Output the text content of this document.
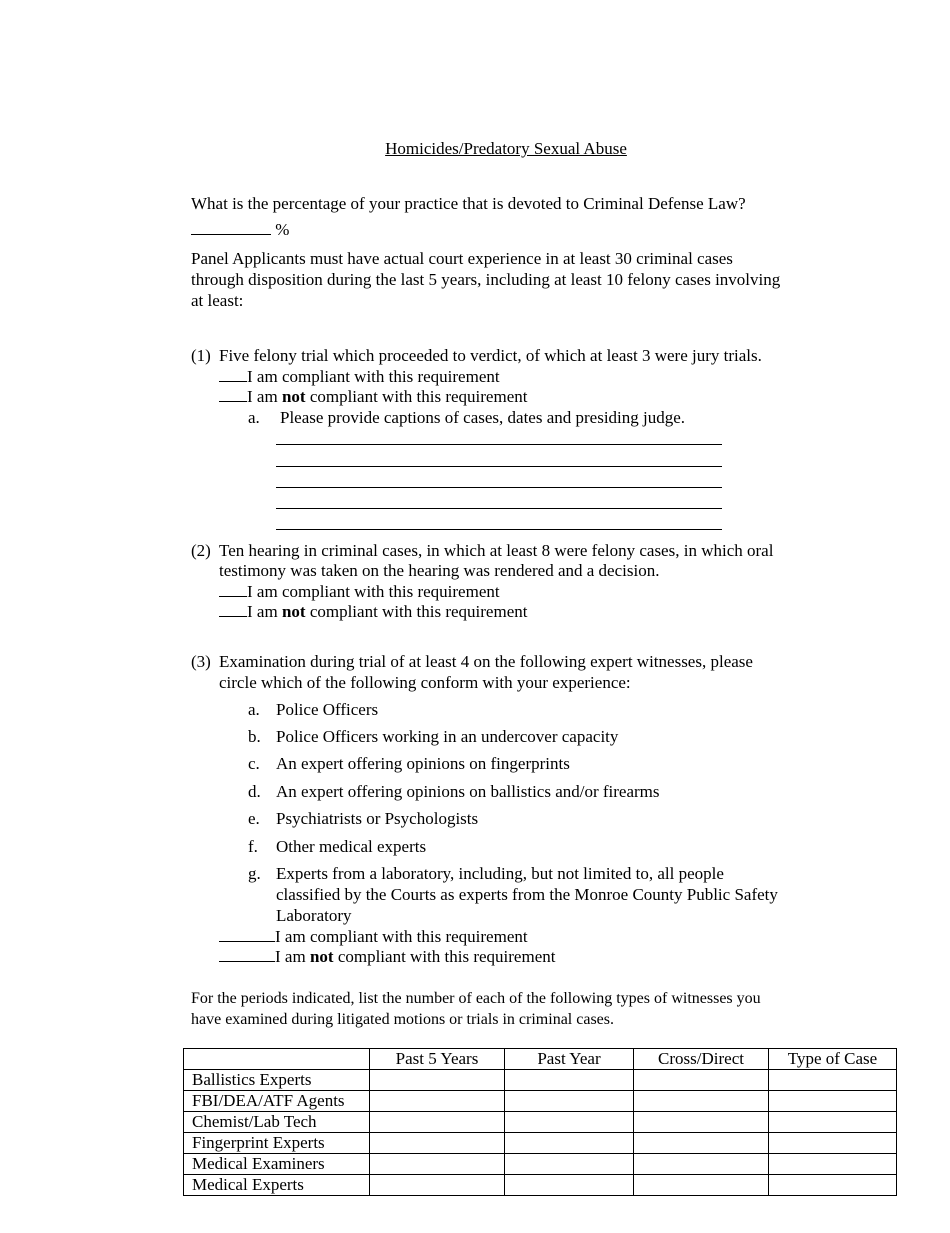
Homicides/Predatory Sexual Abuse
What is the percentage of your practice that is devoted to Criminal Defense Law?
%
Panel Applicants must have actual court experience in at least 30 criminal cases
through disposition during the last 5 years, including at least 10 felony cases involving
at least:
(1) Five felony trial which proceeded to verdict, of which at least 3 were jury trials.
I am compliant with this requirement
I am not compliant with this requirement
a. Please provide captions of cases, dates and presiding judge.
(2) Ten hearing in criminal cases, in which at least 8 were felony cases, in which oral
testimony was taken on the hearing was rendered and a decision.
I am compliant with this requirement
I am not compliant with this requirement
(3) Examination during trial of at least 4 on the following expert witnesses, please
circle which of the following conform with your experience:
a. Police Officers
b. Police Officers working in an undercover capacity
c. An expert offering opinions on fingerprints
d. An expert offering opinions on ballistics and/or firearms
e. Psychiatrists or Psychologists
f. Other medical experts
g. Experts from a laboratory, including, but not limited to, all people
classified by the Courts as experts from the Monroe County Public Safety
Laboratory
I am compliant with this requirement
I am not compliant with this requirement
For the periods indicated, list the number of each of the following types of witnesses you
have examined during litigated motions or trials in criminal cases.
	Past 5 Years	Past Year	Cross/Direct	Type of Case
Ballistics Experts				
FBI/DEA/ATF Agents				
Chemist/Lab Tech				
Fingerprint Experts				
Medical Examiners				
Medical Experts				
